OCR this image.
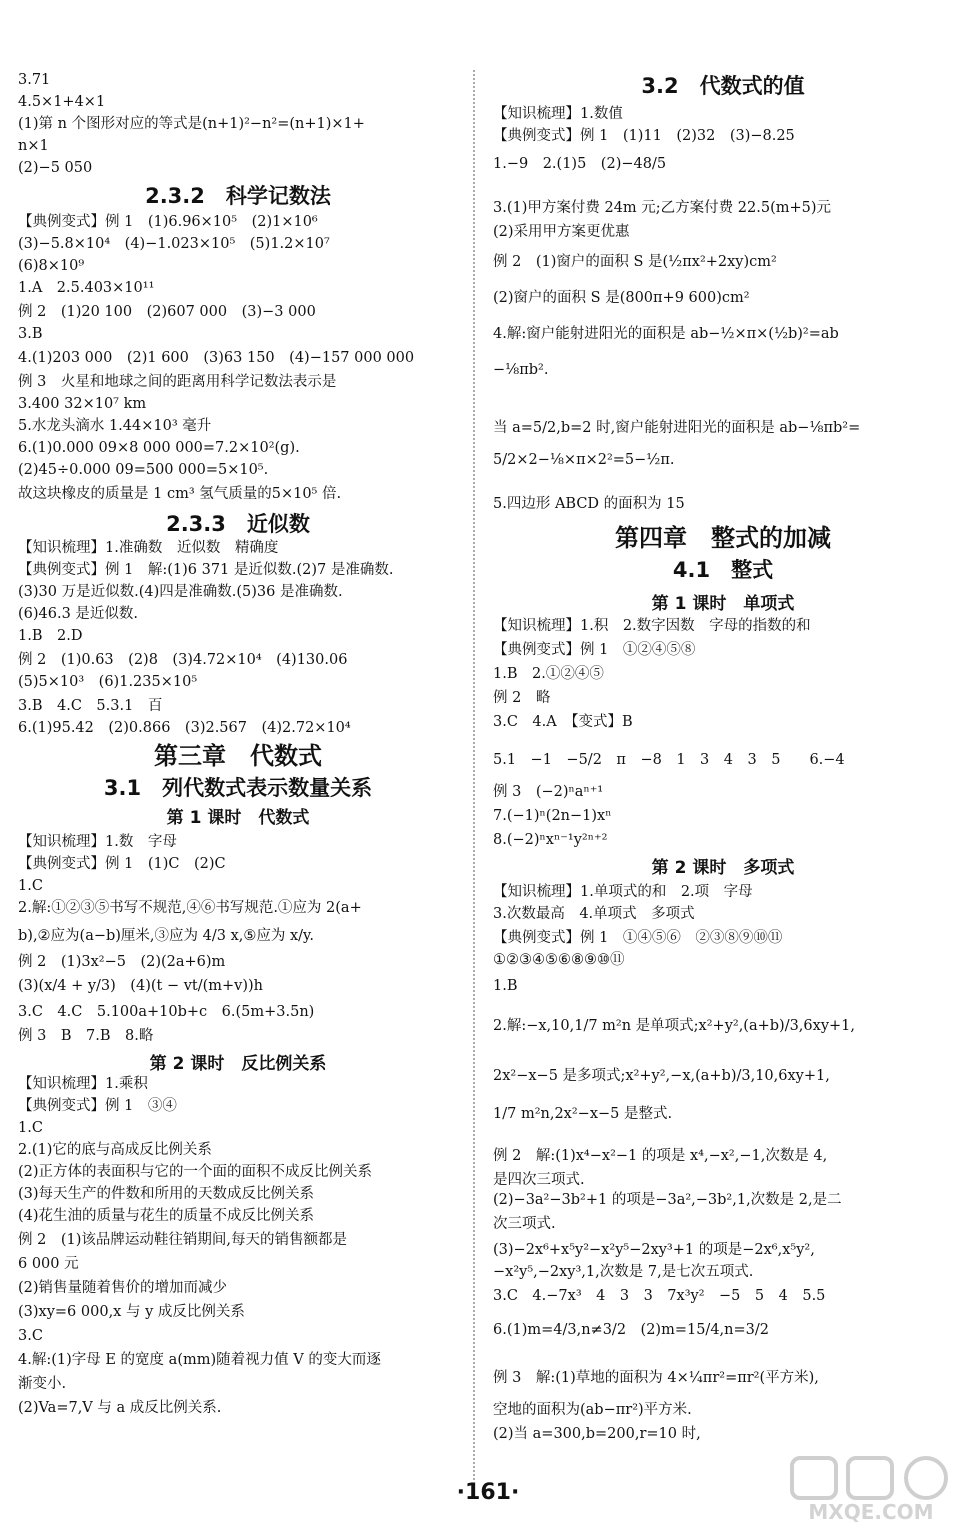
3.71
4.5×1+4×1
(1)第 n 个图形对应的等式是(n+1)²−n²=(n+1)×1+
n×1
(2)−5 050
2.3.2　科学记数法
【典例变式】例 1　(1)6.96×10⁵　(2)1×10⁶
(3)−5.8×10⁴　(4)−1.023×10⁵　(5)1.2×10⁷
(6)8×10⁹
1.A　2.5.403×10¹¹
例 2　(1)20 100　(2)607 000　(3)−3 000
3.B
4.(1)203 000　(2)1 600　(3)63 150　(4)−157 000 000
例 3　火星和地球之间的距离用科学记数法表示是
3.400 32×10⁷ km
5.水龙头滴水 1.44×10³ 毫升
6.(1)0.000 09×8 000 000=7.2×10²(g).
(2)45÷0.000 09=500 000=5×10⁵.
故这块橡皮的质量是 1 cm³ 氢气质量的5×10⁵ 倍.
2.3.3　近似数
【知识梳理】1.准确数　近似数　精确度
【典例变式】例 1　解:(1)6 371 是近似数.(2)7 是准确数.
(3)30 万是近似数.(4)四是准确数.(5)36 是准确数.
(6)46.3 是近似数.
1.B　2.D
例 2　(1)0.63　(2)8　(3)4.72×10⁴　(4)130.06
(5)5×10³　(6)1.235×10⁵
3.B　4.C　5.3.1　百
6.(1)95.42　(2)0.866　(3)2.567　(4)2.72×10⁴
第三章　代数式
3.1　列代数式表示数量关系
第 1 课时　代数式
【知识梳理】1.数　字母
【典例变式】例 1　(1)C　(2)C
1.C
2.解:①②③⑤书写不规范,④⑥书写规范.①应为 2(a+
b),②应为(a−b)厘米,③应为 4/3 x,⑤应为 x/y.
例 2　(1)3x²−5　(2)(2a+6)m
(3)(x/4 + y/3)　(4)(t − vt/(m+v))h
3.C　4.C　5.100a+10b+c　6.(5m+3.5n)
例 3　B　7.B　8.略
第 2 课时　反比例关系
【知识梳理】1.乘积
【典例变式】例 1　③④
1.C
2.(1)它的底与高成反比例关系
(2)正方体的表面积与它的一个面的面积不成反比例关系
(3)每天生产的件数和所用的天数成反比例关系
(4)花生油的质量与花生的质量不成反比例关系
例 2　(1)该品牌运动鞋往销期间,每天的销售额都是
6 000 元
(2)销售量随着售价的增加而减少
(3)xy=6 000,x 与 y 成反比例关系
3.C
4.解:(1)字母 E 的宽度 a(mm)随着视力值 V 的变大而逐
渐变小.
(2)Va=7,V 与 a 成反比例关系.
3.2　代数式的值
【知识梳理】1.数值
【典例变式】例 1　(1)11　(2)32　(3)−8.25
1.−9　2.(1)5　(2)−48/5
3.(1)甲方案付费 24m 元;乙方案付费 22.5(m+5)元
(2)采用甲方案更优惠
例 2　(1)窗户的面积 S 是(½πx²+2xy)cm²
(2)窗户的面积 S 是(800π+9 600)cm²
4.解:窗户能射进阳光的面积是 ab−½×π×(½b)²=ab
−⅛πb².
当 a=5/2,b=2 时,窗户能射进阳光的面积是 ab−⅛πb²=
5/2×2−⅛×π×2²=5−½π.
5.四边形 ABCD 的面积为 15
第四章　整式的加减
4.1　整式
第 1 课时　单项式
【知识梳理】1.积　2.数字因数　字母的指数的和
【典例变式】例 1　①②④⑤⑧
1.B　2.①②④⑤
例 2　略
3.C　4.A　【变式】B
5.1　−1　−5/2　π　−8　1　3　4　3　5　　6.−4
例 3　(−2)ⁿaⁿ⁺¹
7.(−1)ⁿ(2n−1)xⁿ
8.(−2)ⁿxⁿ⁻¹y²ⁿ⁺²
第 2 课时　多项式
【知识梳理】1.单项式的和　2.项　字母
3.次数最高　4.单项式　多项式
【典例变式】例 1　①④⑤⑥　②③⑧⑨⑩⑪
①②③④⑤⑥⑧⑨⑩⑪
1.B
2.解:−x,10,1/7 m²n 是单项式;x²+y²,(a+b)/3,6xy+1,
2x²−x−5 是多项式;x²+y²,−x,(a+b)/3,10,6xy+1,
1/7 m²n,2x²−x−5 是整式.
例 2　解:(1)x⁴−x²−1 的项是 x⁴,−x²,−1,次数是 4,
是四次三项式.
(2)−3a²−3b²+1 的项是−3a²,−3b²,1,次数是 2,是二
次三项式.
(3)−2x⁶+x⁵y²−x²y⁵−2xy³+1 的项是−2x⁶,x⁵y²,
−x²y⁵,−2xy³,1,次数是 7,是七次五项式.
3.C　4.−7x³　4　3　3　7x³y²　−5　5　4　5.5
6.(1)m=4/3,n≠3/2　(2)m=15/4,n=3/2
例 3　解:(1)草地的面积为 4×¼πr²=πr²(平方米),
空地的面积为(ab−πr²)平方米.
(2)当 a=300,b=200,r=10 时,
·161·
MXQE.COM
